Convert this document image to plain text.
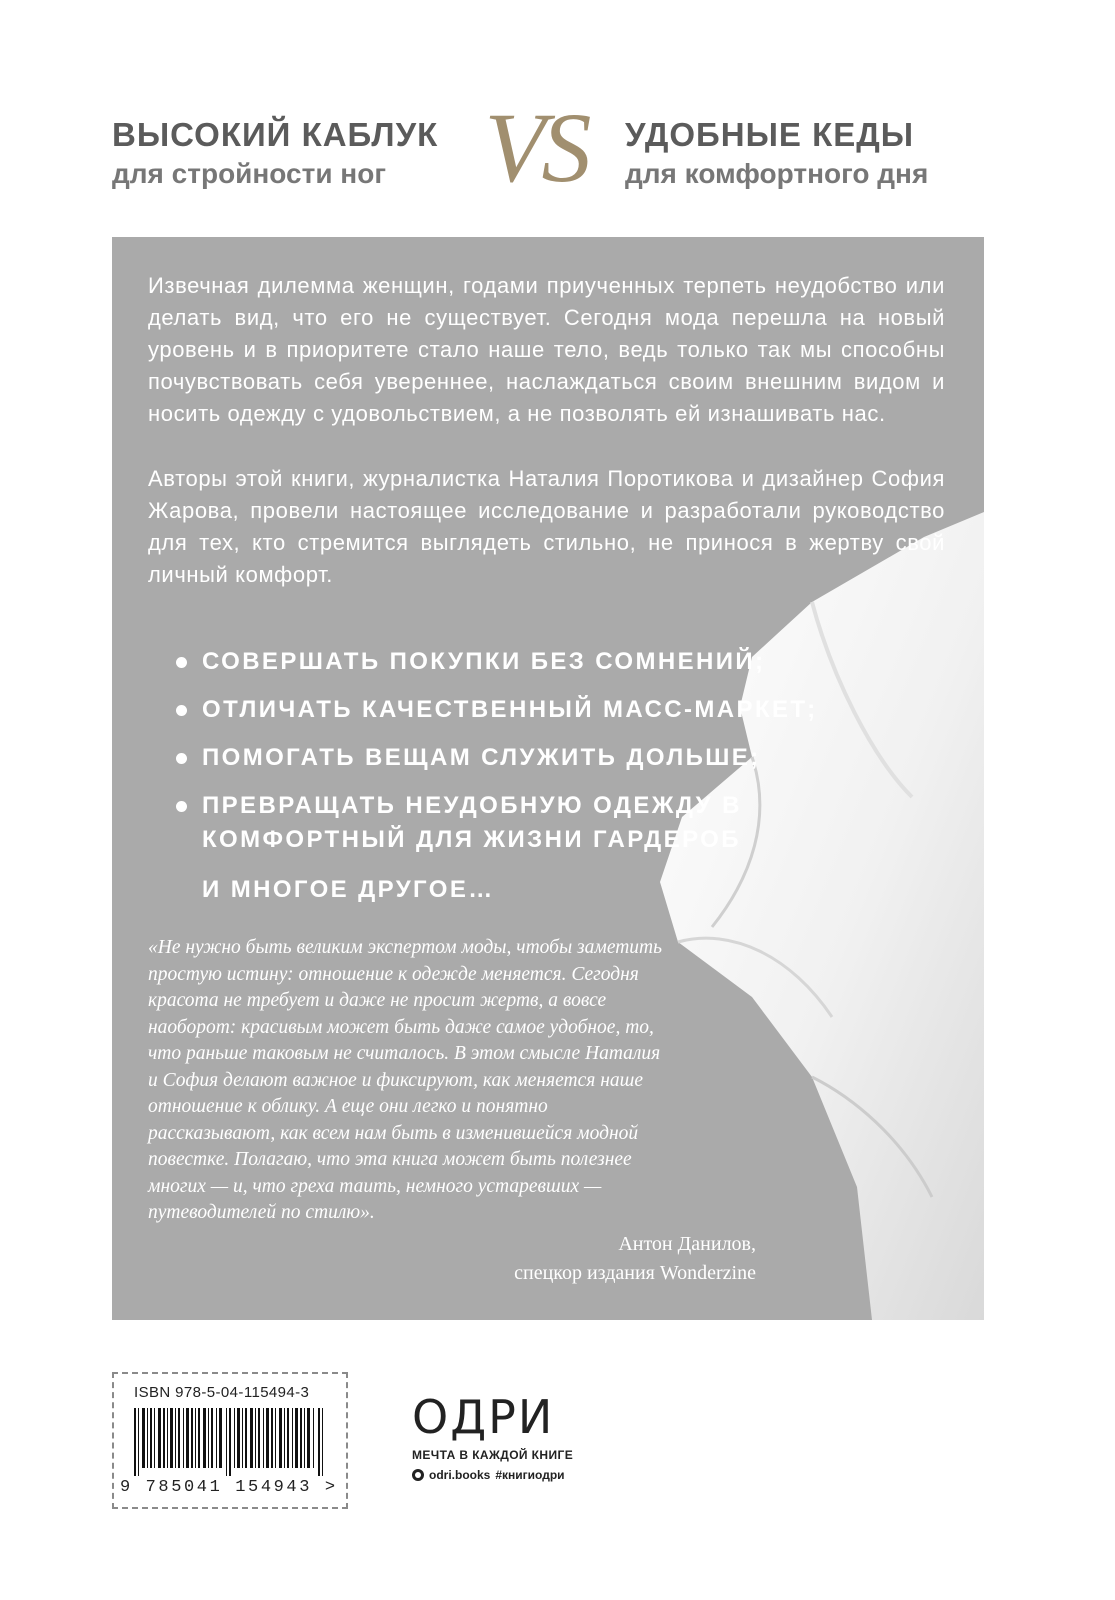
ВЫСОКИЙ КАБЛУК
для стройности ног VS	УДОБНЫЕ КЕДЫ
для комфортного дня
Извечная дилемма женщин, годами приученных терпеть неудобство или делать вид, что его не существует. Сегодня мода перешла на новый уровень и в приоритете стало наше тело, ведь только так мы способны почувствовать себя увереннее, наслаждаться своим внешним видом и носить одежду с удовольствием, а не позволять ей изнашивать нас.
Авторы этой книги, журналистка Наталия Поротикова и дизайнер София Жарова, провели настоящее исследование и разработали руководство для тех, кто стремится выглядеть стильно, не принося в жертву свой личный комфорт.
СОВЕРШАТЬ ПОКУПКИ БЕЗ СОМНЕНИЙ;
ОТЛИЧАТЬ КАЧЕСТВЕННЫЙ МАСС-МАРКЕТ;
ПОМОГАТЬ ВЕЩАМ СЛУЖИТЬ ДОЛЬШЕ;
ПРЕВРАЩАТЬ НЕУДОБНУЮ ОДЕЖДУ В КОМФОРТНЫЙ ДЛЯ ЖИЗНИ ГАРДЕРОБ
И МНОГОЕ ДРУГОЕ…
«Не нужно быть великим экспертом моды, чтобы заметить простую истину: отношение к одежде меняется. Сегодня красота не требует и даже не просит жертв, а вовсе наоборот: красивым может быть даже самое удобное, то, что раньше таковым не считалось. В этом смысле Наталия и София делают важное и фиксируют, как меняется наше отношение к облику. А еще они легко и понятно рассказывают, как всем нам быть в изменившейся модной повестке. Полагаю, что эта книга может быть полезнее многих — и, что греха таить, немного устаревших — путеводителей по стилю».
Антон Данилов,
спецкор издания Wonderzine
ISBN 978-5-04-115494-3
9 785041 154943 >
ОДРИ
МЕЧТА В КАЖДОЙ КНИГЕ
odri.books #книгиодри
